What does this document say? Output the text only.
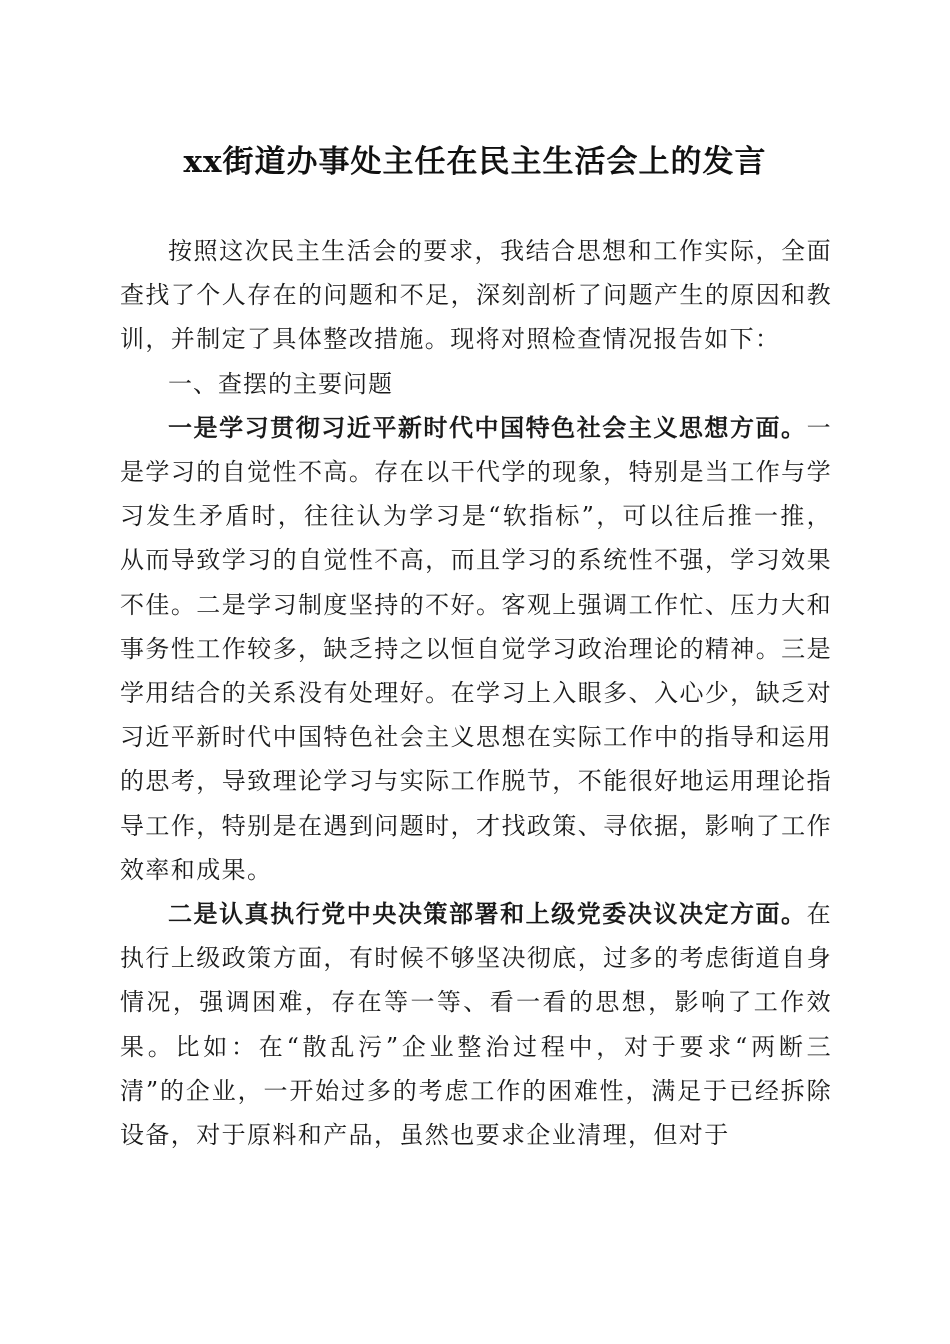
xx街道办事处主任在民主生活会上的发言

按照这次民主生活会的要求，我结合思想和工作实际，全面查找了个人存在的问题和不足，深刻剖析了问题产生的原因和教训，并制定了具体整改措施。现将对照检查情况报告如下：

一、查摆的主要问题

一是学习贯彻习近平新时代中国特色社会主义思想方面。一是学习的自觉性不高。存在以干代学的现象，特别是当工作与学习发生矛盾时，往往认为学习是“软指标”，可以往后推一推，从而导致学习的自觉性不高，而且学习的系统性不强，学习效果不佳。二是学习制度坚持的不好。客观上强调工作忙、压力大和事务性工作较多，缺乏持之以恒自觉学习政治理论的精神。三是学用结合的关系没有处理好。在学习上入眼多、入心少，缺乏对习近平新时代中国特色社会主义思想在实际工作中的指导和运用的思考，导致理论学习与实际工作脱节，不能很好地运用理论指导工作，特别是在遇到问题时，才找政策、寻依据，影响了工作效率和成果。

二是认真执行党中央决策部署和上级党委决议决定方面。在执行上级政策方面，有时候不够坚决彻底，过多的考虑街道自身情况，强调困难，存在等一等、看一看的思想，影响了工作效果。比如：在“散乱污”企业整治过程中，对于要求“两断三清”的企业，一开始过多的考虑工作的困难性，满足于已经拆除设备，对于原料和产品，虽然也要求企业清理，但对于
